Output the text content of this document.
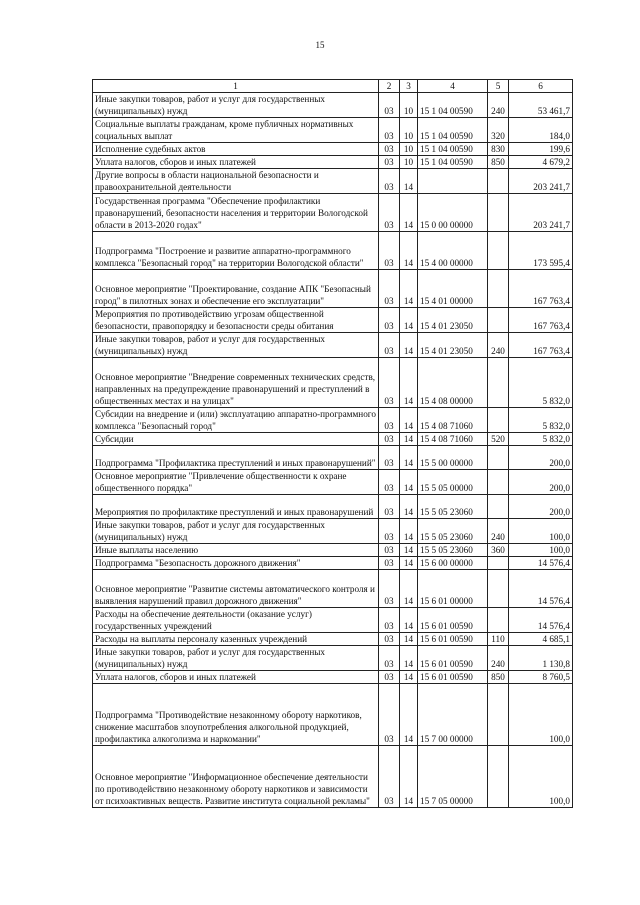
15
1	2	3	4	5	6
Иные закупки товаров, работ и услуг для государственных (муниципальных) нужд	03	10	15 1 04 00590	240	53 461,7
Социальные выплаты гражданам, кроме публичных нормативных социальных выплат	03	10	15 1 04 00590	320	184,0
Исполнение судебных актов	03	10	15 1 04 00590	830	199,6
Уплата налогов, сборов и иных платежей	03	10	15 1 04 00590	850	4 679,2
Другие вопросы в области национальной безопасности и правоохранительной деятельности	03	14			203 241,7
Государственная программа "Обеспечение профилактики правонарушений, безопасности населения и территории Вологодской области в 2013-2020 годах"	03	14	15 0 00 00000		203 241,7
Подпрограмма "Построение и развитие аппаратно-программного комплекса "Безопасный город" на территории Вологодской области"	03	14	15 4 00 00000		173 595,4
Основное мероприятие "Проектирование, создание АПК "Безопасный город" в пилотных зонах и обеспечение его эксплуатации"	03	14	15 4 01 00000		167 763,4
Мероприятия по противодействию угрозам общественной безопасности, правопорядку и безопасности среды обитания	03	14	15 4 01 23050		167 763,4
Иные закупки товаров, работ и услуг для государственных (муниципальных) нужд	03	14	15 4 01 23050	240	167 763,4
Основное мероприятие "Внедрение современных технических средств, направленных на предупреждение правонарушений и преступлений в общественных местах и на улицах"	03	14	15 4 08 00000		5 832,0
Субсидии на внедрение и (или) эксплуатацию аппаратно-программного комплекса "Безопасный город"	03	14	15 4 08 71060		5 832,0
Субсидии	03	14	15 4 08 71060	520	5 832,0
Подпрограмма "Профилактика преступлений и иных правонарушений"	03	14	15 5 00 00000		200,0
Основное мероприятие "Привлечение общественности к охране общественного порядка"	03	14	15 5 05 00000		200,0
Мероприятия по профилактике преступлений и иных правонарушений	03	14	15 5 05 23060		200,0
Иные закупки товаров, работ и услуг для государственных (муниципальных) нужд	03	14	15 5 05 23060	240	100,0
Иные выплаты населению	03	14	15 5 05 23060	360	100,0
Подпрограмма "Безопасность дорожного движения"	03	14	15 6 00 00000		14 576,4
Основное мероприятие "Развитие системы автоматического контроля и выявления нарушений правил дорожного движения"	03	14	15 6 01 00000		14 576,4
Расходы на обеспечение деятельности (оказание услуг) государственных учреждений	03	14	15 6 01 00590		14 576,4
Расходы на выплаты персоналу казенных учреждений	03	14	15 6 01 00590	110	4 685,1
Иные закупки товаров, работ и услуг для государственных (муниципальных) нужд	03	14	15 6 01 00590	240	1 130,8
Уплата налогов, сборов и иных платежей	03	14	15 6 01 00590	850	8 760,5
Подпрограмма "Противодействие незаконному обороту наркотиков, снижение масштабов злоупотребления алкогольной продукцией, профилактика алкоголизма и наркомании"	03	14	15 7 00 00000		100,0
Основное мероприятие "Информационное обеспечение деятельности по противодействию незаконному обороту наркотиков и зависимости от психоактивных веществ. Развитие института социальной рекламы"	03	14	15 7 05 00000		100,0
